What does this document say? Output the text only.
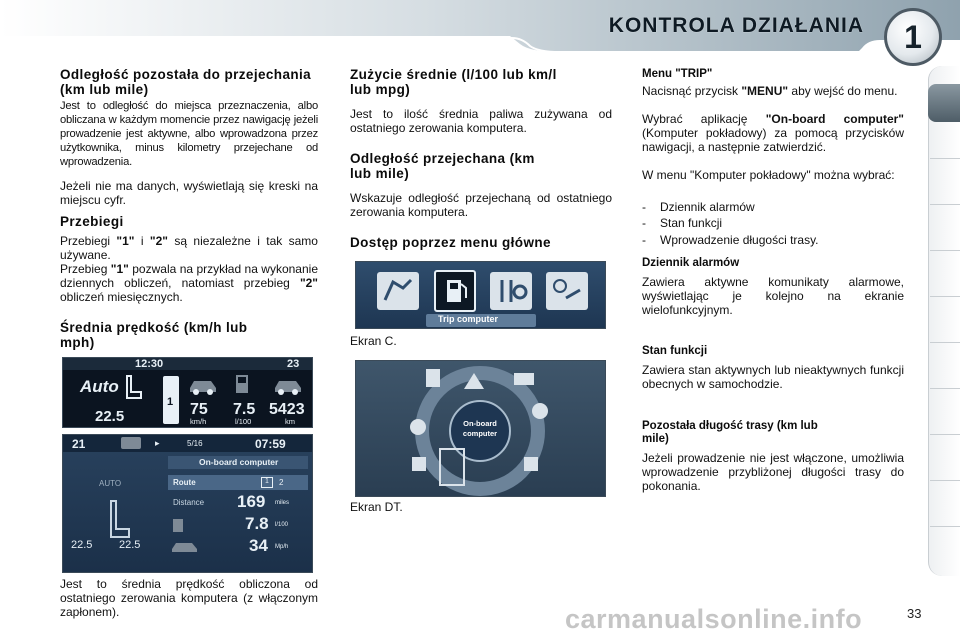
KONTROLA DZIAŁANIA	1
Odległość pozostała do przejechania (km lub mile)

Jest to odległość do miejsca przeznaczenia, albo obliczana w każdym momencie przez nawigację jeżeli prowadzenie jest aktywne, albo wprowadzona przez użytkownika, minus kilometry przejechane od wprowadzenia.

Jeżeli nie ma danych, wyświetlają się kreski na miejscu cyfr.

Przebiegi

Przebiegi "1" i "2" są niezależne i tak samo używane.

Przebieg "1" pozwala na przykład na wykonanie dziennych obliczeń, natomiast przebieg "2" obliczeń miesięcznych.

Średnia prędkość (km/h lub mph)

Jest to średnia prędkość obliczona od ostatniego zerowania komputera (z włączonym zapłonem).

12:30	23
Auto
22.5
1 75
km/h
7.5
l/100
5423
km
21	▸	5/16	07:59
On-board computer
AUTO	Route	1	2
Distance 169 miles
7.8 l/100
34 Mp/h
22.5 22.5
Zużycie średnie (l/100 lub km/l lub mpg)

Jest to ilość średnia paliwa zużywana od ostatniego zerowania komputera.

Odległość przejechana (km lub mile)

Wskazuje odległość przejechaną od ostatniego zerowania komputera.

Dostęp poprzez menu główne
Ekran C.
Ekran DT.
Trip computer
On-board
computer
Menu "TRIP"

Nacisnąć przycisk "MENU" aby wejść do menu.

Wybrać aplikację "On-board computer" (Komputer pokładowy) za pomocą przycisków nawigacji, a następnie zatwierdzić.

W menu "Komputer pokładowy" można wybrać:

- Dziennik alarmów
- Stan funkcji
- Wprowadzenie długości trasy.
Dziennik alarmów

Zawiera aktywne komunikaty alarmowe, wyświetlając je kolejno na ekranie wielofunkcyjnym.

Stan funkcji

Zawiera stan aktywnych lub nieaktywnych funkcji obecnych w samochodzie.

Pozostała długość trasy (km lub mile)

Jeżeli prowadzenie nie jest włączone, umożliwia wprowadzenie przybliżonej długości trasy do pokonania.

carmanualsonline.info	33
